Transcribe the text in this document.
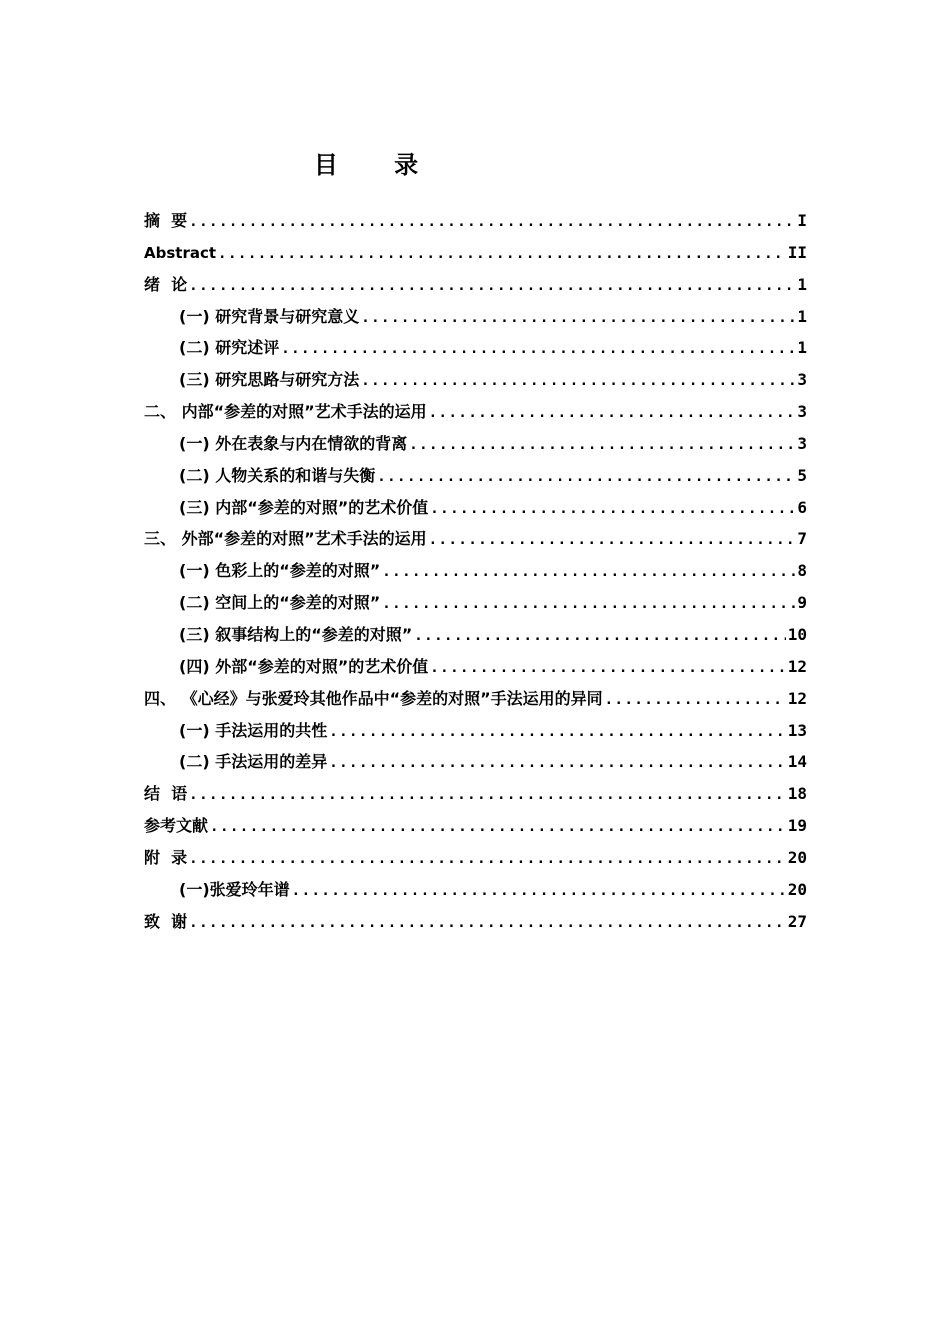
目 录
摘  要 .....	I
Abstract .....	II
绪  论 .....	1
(一) 研究背景与研究意义 .....	1
(二) 研究述评 .....	1
(三) 研究思路与研究方法 .....	3
二、 内部“参差的对照”艺术手法的运用 .....	3
(一) 外在表象与内在情欲的背离 .....	3
(二) 人物关系的和谐与失衡 .....	5
(三) 内部“参差的对照”的艺术价值 .....	6
三、 外部“参差的对照”艺术手法的运用 .....	7
(一) 色彩上的“参差的对照” .....	8
(二) 空间上的“参差的对照” .....	9
(三) 叙事结构上的“参差的对照” .....	10
(四) 外部“参差的对照”的艺术价值 .....	12
四、 《心经》与张爱玲其他作品中“参差的对照”手法运用的异同 .....	12
(一) 手法运用的共性 .....	13
(二) 手法运用的差异 .....	14
结  语 .....	18
参考文献 .....	19
附  录 .....	20
(一)张爱玲年谱 .....	20
致  谢 .....	27
